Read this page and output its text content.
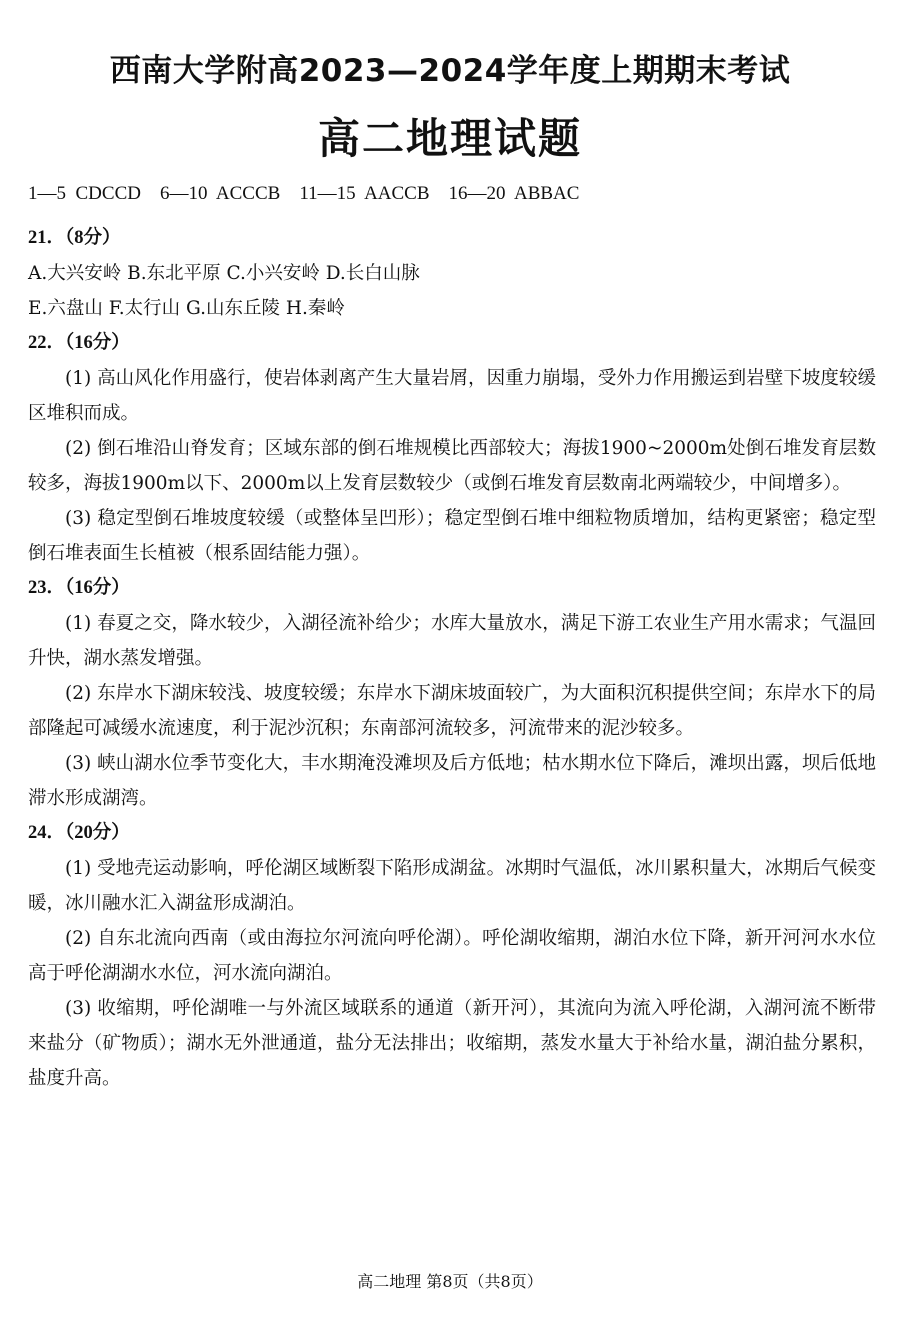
西南大学附高2023—2024学年度上期期末考试
高二地理试题

1—5  CDCCD    6—10  ACCCB    11—15  AACCB    16—20  ABBAC

21．（8分）

A.大兴安岭 B.东北平原 C.小兴安岭 D.长白山脉

E.六盘山 F.太行山 G.山东丘陵 H.秦岭

22．（16分）

(1) 高山风化作用盛行，使岩体剥离产生大量岩屑，因重力崩塌，受外力作用搬运到岩壁下坡度较缓区堆积而成。

(2) 倒石堆沿山脊发育；区域东部的倒石堆规模比西部较大；海拔1900~2000m处倒石堆发育层数较多，海拔1900m以下、2000m以上发育层数较少（或倒石堆发育层数南北两端较少，中间增多）。

(3) 稳定型倒石堆坡度较缓（或整体呈凹形）；稳定型倒石堆中细粒物质增加，结构更紧密；稳定型倒石堆表面生长植被（根系固结能力强）。

23．（16分）

(1) 春夏之交，降水较少，入湖径流补给少；水库大量放水，满足下游工农业生产用水需求；气温回升快，湖水蒸发增强。

(2) 东岸水下湖床较浅、坡度较缓；东岸水下湖床坡面较广，为大面积沉积提供空间；东岸水下的局部隆起可减缓水流速度，利于泥沙沉积；东南部河流较多，河流带来的泥沙较多。

(3) 峡山湖水位季节变化大，丰水期淹没滩坝及后方低地；枯水期水位下降后，滩坝出露，坝后低地滞水形成湖湾。

24．（20分）

(1) 受地壳运动影响，呼伦湖区域断裂下陷形成湖盆。冰期时气温低，冰川累积量大，冰期后气候变暖，冰川融水汇入湖盆形成湖泊。

(2) 自东北流向西南（或由海拉尔河流向呼伦湖）。呼伦湖收缩期，湖泊水位下降，新开河河水水位高于呼伦湖湖水水位，河水流向湖泊。

(3) 收缩期，呼伦湖唯一与外流区域联系的通道（新开河），其流向为流入呼伦湖，入湖河流不断带来盐分（矿物质）；湖水无外泄通道，盐分无法排出；收缩期，蒸发水量大于补给水量，湖泊盐分累积，盐度升高。

高二地理 第8页（共8页）
